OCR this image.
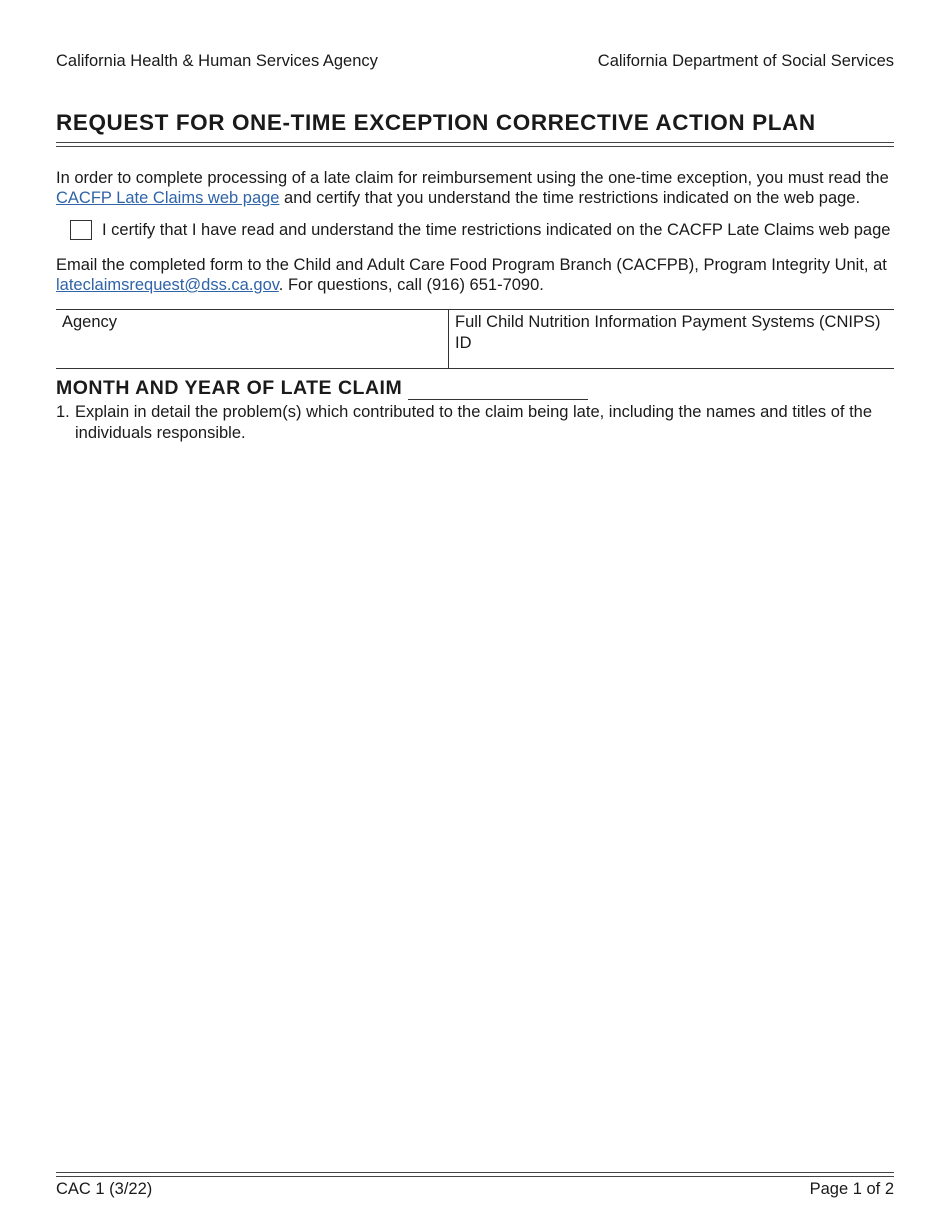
California Health & Human Services Agency	California Department of Social Services
REQUEST FOR ONE-TIME EXCEPTION CORRECTIVE ACTION PLAN
In order to complete processing of a late claim for reimbursement using the one-time exception, you must read the CACFP Late Claims web page and certify that you understand the time restrictions indicated on the web page.
I certify that I have read and understand the time restrictions indicated on the CACFP Late Claims web page
Email the completed form to the Child and Adult Care Food Program Branch (CACFPB), Program Integrity Unit, at lateclaimsrequest@dss.ca.gov. For questions, call (916) 651-7090.
Agency	Full Child Nutrition Information Payment Systems (CNIPS) ID
MONTH AND YEAR OF LATE CLAIM
1. Explain in detail the problem(s) which contributed to the claim being late, including the names and titles of the individuals responsible.
CAC 1 (3/22)	Page 1 of 2
